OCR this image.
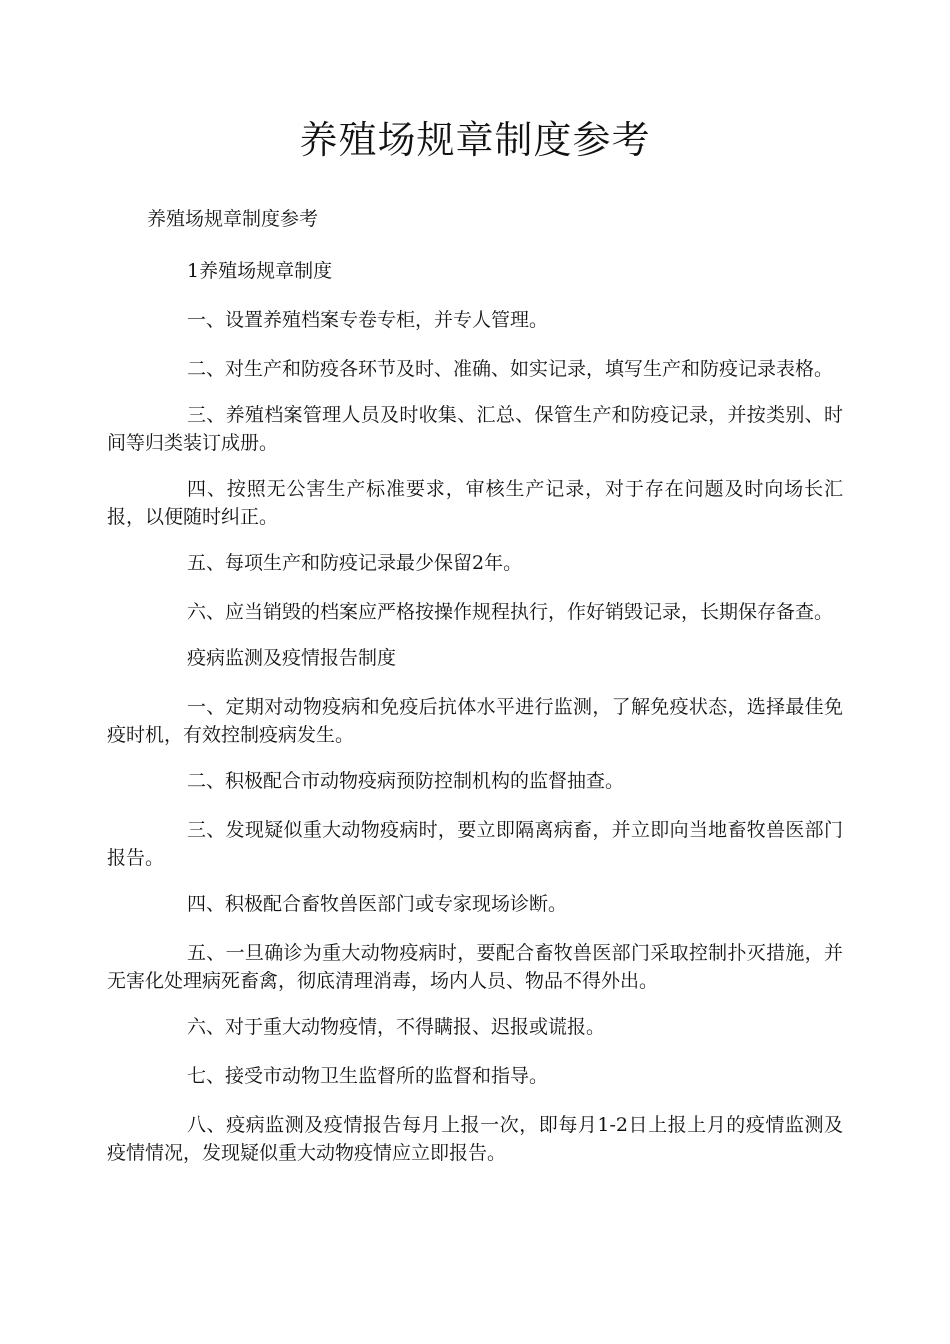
养殖场规章制度参考

养殖场规章制度参考

1养殖场规章制度

一、设置养殖档案专卷专柜，并专人管理。

二、对生产和防疫各环节及时、准确、如实记录，填写生产和防疫记录表格。

三、养殖档案管理人员及时收集、汇总、保管生产和防疫记录，并按类别、时间等归类装订成册。

四、按照无公害生产标准要求，审核生产记录，对于存在问题及时向场长汇报，以便随时纠正。

五、每项生产和防疫记录最少保留2年。

六、应当销毁的档案应严格按操作规程执行，作好销毁记录，长期保存备查。

疫病监测及疫情报告制度

一、定期对动物疫病和免疫后抗体水平进行监测，了解免疫状态，选择最佳免疫时机，有效控制疫病发生。

二、积极配合市动物疫病预防控制机构的监督抽查。

三、发现疑似重大动物疫病时，要立即隔离病畜，并立即向当地畜牧兽医部门报告。

四、积极配合畜牧兽医部门或专家现场诊断。

五、一旦确诊为重大动物疫病时，要配合畜牧兽医部门采取控制扑灭措施，并无害化处理病死畜禽，彻底清理消毒，场内人员、物品不得外出。

六、对于重大动物疫情，不得瞒报、迟报或谎报。

七、接受市动物卫生监督所的监督和指导。

八、疫病监测及疫情报告每月上报一次，即每月1-2日上报上月的疫情监测及疫情情况，发现疑似重大动物疫情应立即报告。
